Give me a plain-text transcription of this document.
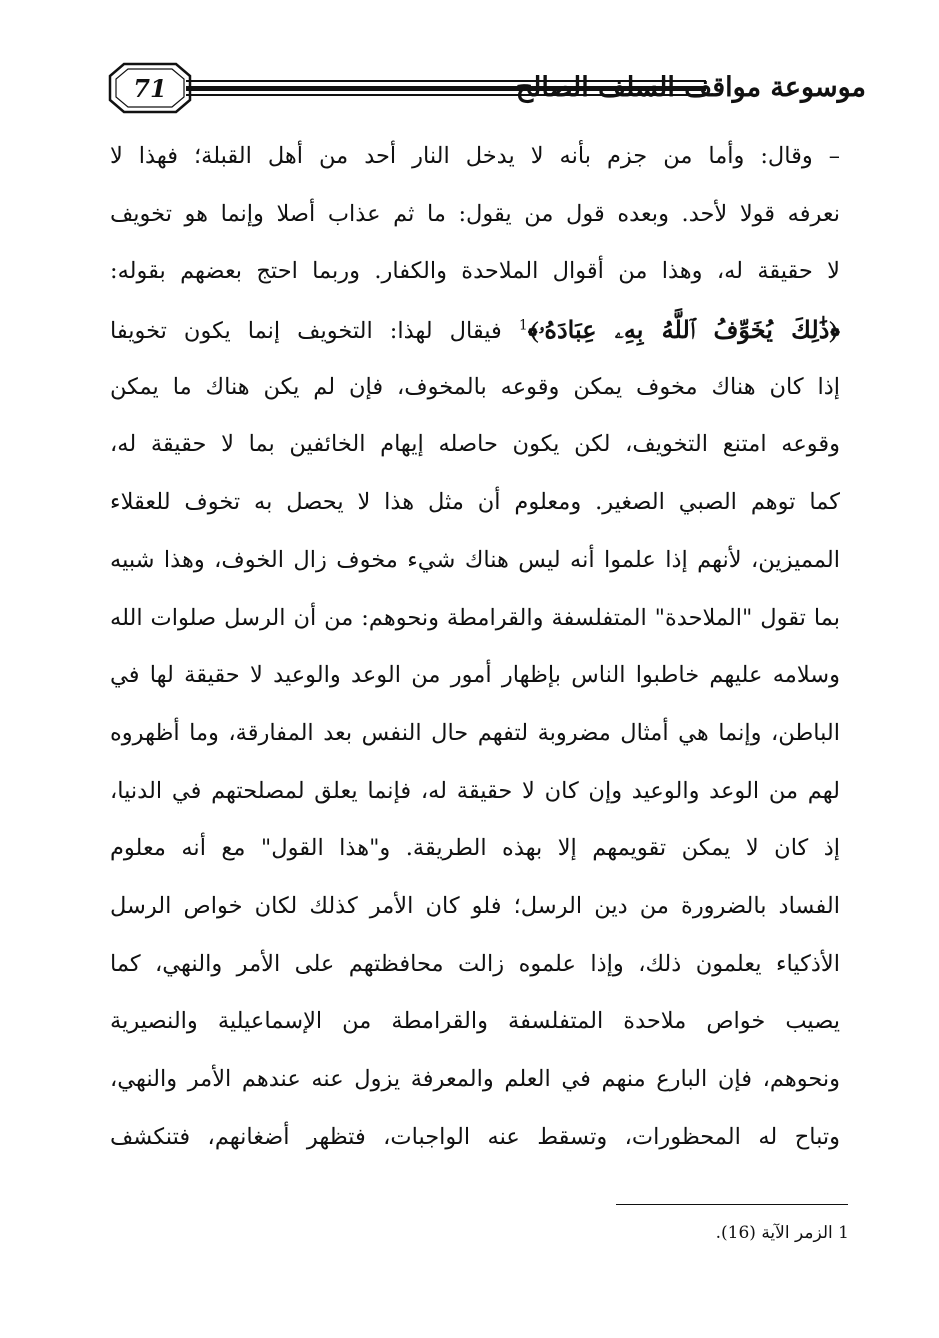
71	موسوعة مواقف السلف الصالح
– وقال: وأما من جزم بأنه لا يدخل النار أحد من أهل القبلة؛ فهذا لا
نعرفه قولا لأحد. وبعده قول من يقول: ما ثم عذاب أصلا وإنما هو تخويف
لا حقيقة له، وهذا من أقوال الملاحدة والكفار. وربما احتج بعضهم بقوله:
﴿ذَٰلِكَ يُخَوِّفُ ٱللَّهُ بِهِۦ عِبَادَهُۥ﴾$^1$ فيقال لهذا: التخويف إنما يكون تخويفا
إذا كان هناك مخوف يمكن وقوعه بالمخوف، فإن لم يكن هناك ما يمكن
وقوعه امتنع التخويف، لكن يكون حاصله إيهام الخائفين بما لا حقيقة له،
كما توهم الصبي الصغير. ومعلوم أن مثل هذا لا يحصل به تخوف للعقلاء
المميزين، لأنهم إذا علموا أنه ليس هناك شيء مخوف زال الخوف، وهذا شبيه
بما تقول "الملاحدة" المتفلسفة والقرامطة ونحوهم: من أن الرسل صلوات الله
وسلامه عليهم خاطبوا الناس بإظهار أمور من الوعد والوعيد لا حقيقة لها في
الباطن، وإنما هي أمثال مضروبة لتفهم حال النفس بعد المفارقة، وما أظهروه
لهم من الوعد والوعيد وإن كان لا حقيقة له، فإنما يعلق لمصلحتهم في الدنيا،
إذ كان لا يمكن تقويمهم إلا بهذه الطريقة. و"هذا القول" مع أنه معلوم
الفساد بالضرورة من دين الرسل؛ فلو كان الأمر كذلك لكان خواص الرسل
الأذكياء يعلمون ذلك، وإذا علموه زالت محافظتهم على الأمر والنهي، كما
يصيب خواص ملاحدة المتفلسفة والقرامطة من الإسماعيلية والنصيرية
ونحوهم، فإن البارع منهم في العلم والمعرفة يزول عنه عندهم الأمر والنهي،
وتباح له المحظورات، وتسقط عنه الواجبات، فتظهر أضغانهم، فتنكشف
1 الزمر الآية (16).
